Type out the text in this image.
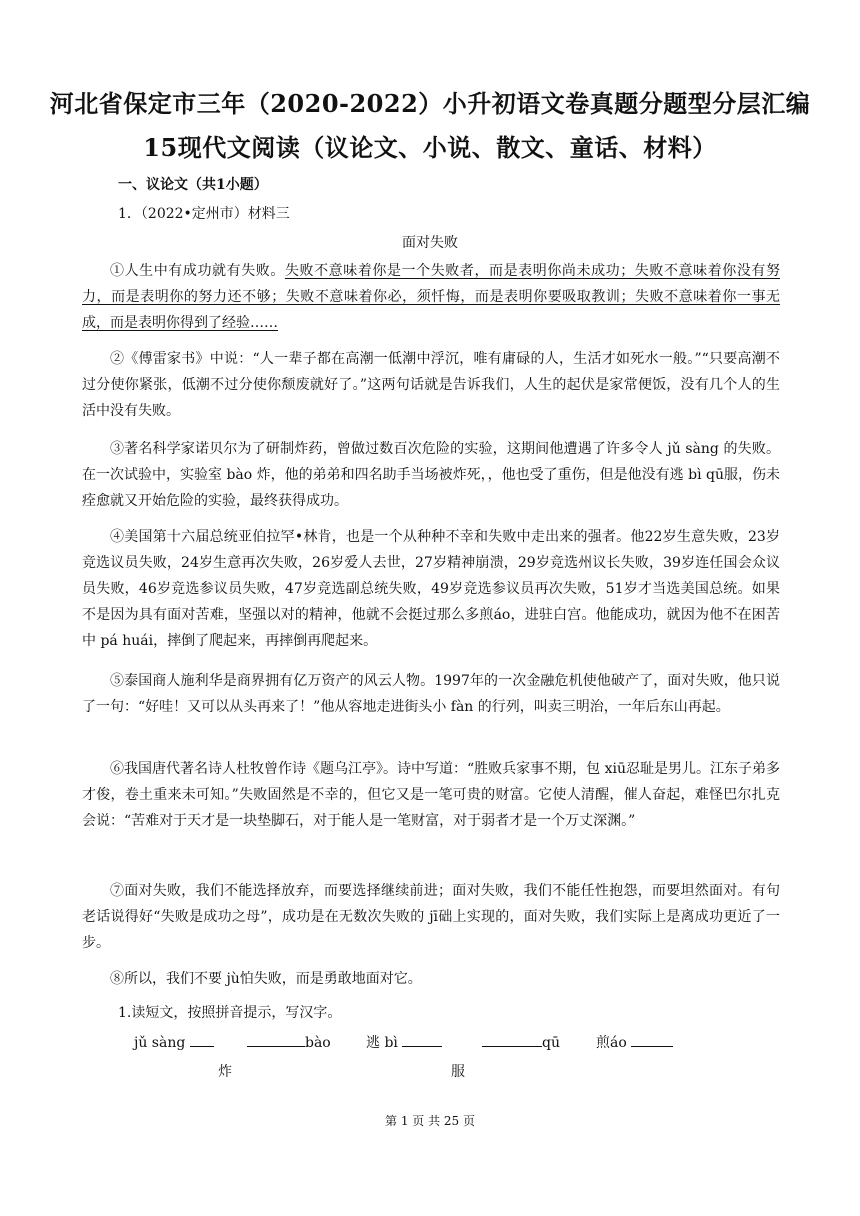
河北省保定市三年（2020-2022）小升初语文卷真题分题型分层汇编
15现代文阅读（议论文、小说、散文、童话、材料）
一、议论文（共1小题）
1．（2022•定州市）材料三
面对失败

①人生中有成功就有失败。失败不意味着你是一个失败者，而是表明你尚未成功；失败不意味着你没有努力，而是表明你的努力还不够；失败不意味着你必，须忏悔，而是表明你要吸取教训；失败不意味着你一事无成，而是表明你得到了经验……

②《傅雷家书》中说：“人一辈子都在高潮一低潮中浮沉，唯有庸碌的人，生活才如死水一般。”“只要高潮不过分使你紧张，低潮不过分使你颓废就好了。”这两句话就是告诉我们，人生的起伏是家常便饭，没有几个人的生活中没有失败。

③著名科学家诺贝尔为了研制炸药，曾做过数百次危险的实验，这期间他遭遇了许多令人 jǔ sàng 的失败。在一次试验中，实验室 bào 炸，他的弟弟和四名助手当场被炸死，，他也受了重伤，但是他没有逃 bì qū服，伤未痊愈就又开始危险的实验，最终获得成功。

④美国第十六届总统亚伯拉罕•林肯，也是一个从种种不幸和失败中走出来的强者。他22岁生意失败，23岁竞选议员失败，24岁生意再次失败，26岁爱人去世，27岁精神崩溃，29岁竞选州议长失败，39岁连任国会众议员失败，46岁竞选参议员失败，47岁竞选副总统失败，49岁竞选参议员再次失败，51岁才当选美国总统。如果不是因为具有面对苦难，坚强以对的精神，他就不会挺过那么多煎áo，进驻白宫。他能成功，就因为他不在困苦中 pá huái，摔倒了爬起来，再摔倒再爬起来。

⑤泰国商人施利华是商界拥有亿万资产的风云人物。1997年的一次金融危机使他破产了，面对失败，他只说了一句：“好哇！又可以从头再来了！”他从容地走进街头小 fàn 的行列，叫卖三明治，一年后东山再起。

⑥我国唐代著名诗人杜牧曾作诗《题乌江亭》。诗中写道：“胜败兵家事不期，包 xiū忍耻是男儿。江东子弟多才俊，卷土重来未可知。”失败固然是不幸的，但它又是一笔可贵的财富。它使人清醒，催人奋起，难怪巴尔扎克会说：“苦难对于天才是一块垫脚石，对于能人是一笔财富，对于弱者才是一个万丈深渊。”

⑦面对失败，我们不能选择放弃，而要选择继续前进；面对失败，我们不能任性抱怨，而要坦然面对。有句老话说得好“失败是成功之母”，成功是在无数次失败的 jī础上实现的，面对失败，我们实际上是离成功更近了一步。

⑧所以，我们不要 jù怕失败，而是勇敢地面对它。

1.读短文，按照拼音提示，写汉字。
jǔ sàng	bào	逃 bì	qū	煎áo
炸	服
第 1 页 共 25 页
